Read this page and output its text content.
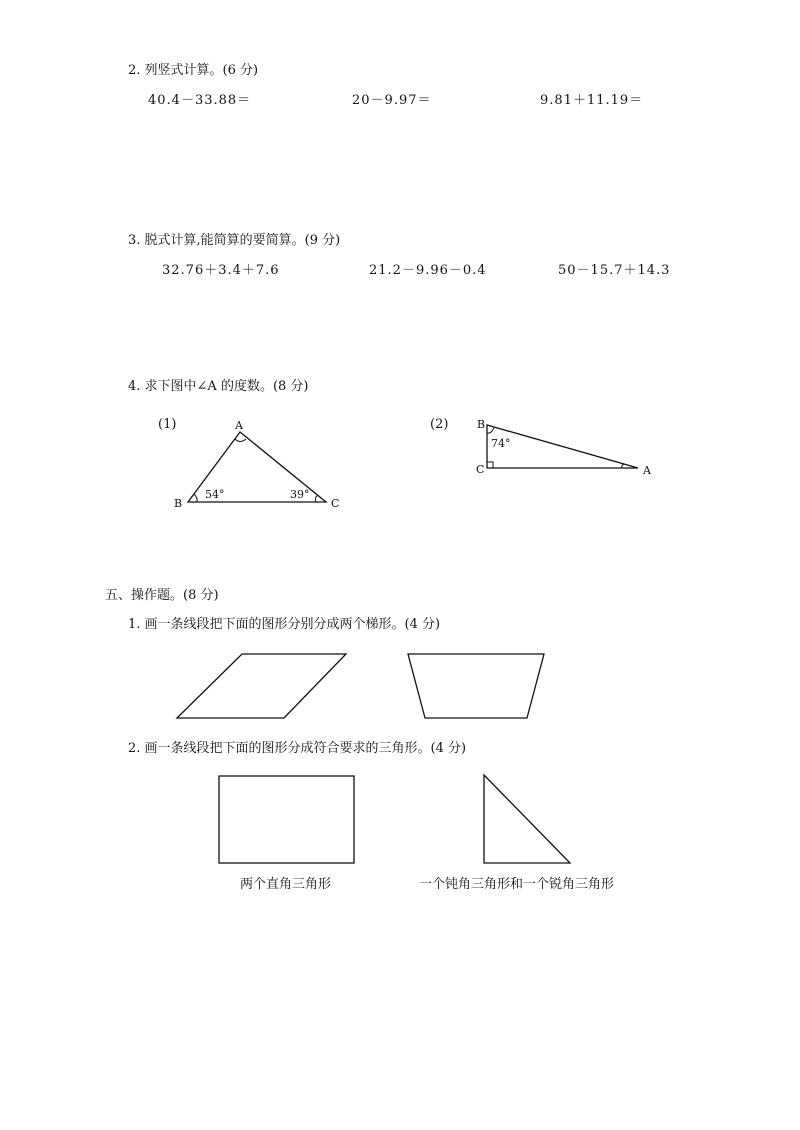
2. 列竖式计算。(6 分)
40.4－33.88＝	20－9.97＝	9.81＋11.19＝
3. 脱式计算,能简算的要简算。(9 分)
32.76＋3.4＋7.6	21.2－9.96－0.4	50－15.7＋14.3
4. 求下图中∠A 的度数。(8 分)
(1)	A
B	C
54°	39°
(2)	B
C	A
74°
五、操作题。(8 分)
1. 画一条线段把下面的图形分别分成两个梯形。(4 分)
2. 画一条线段把下面的图形分成符合要求的三角形。(4 分)
两个直角三角形	一个钝角三角形和一个锐角三角形
